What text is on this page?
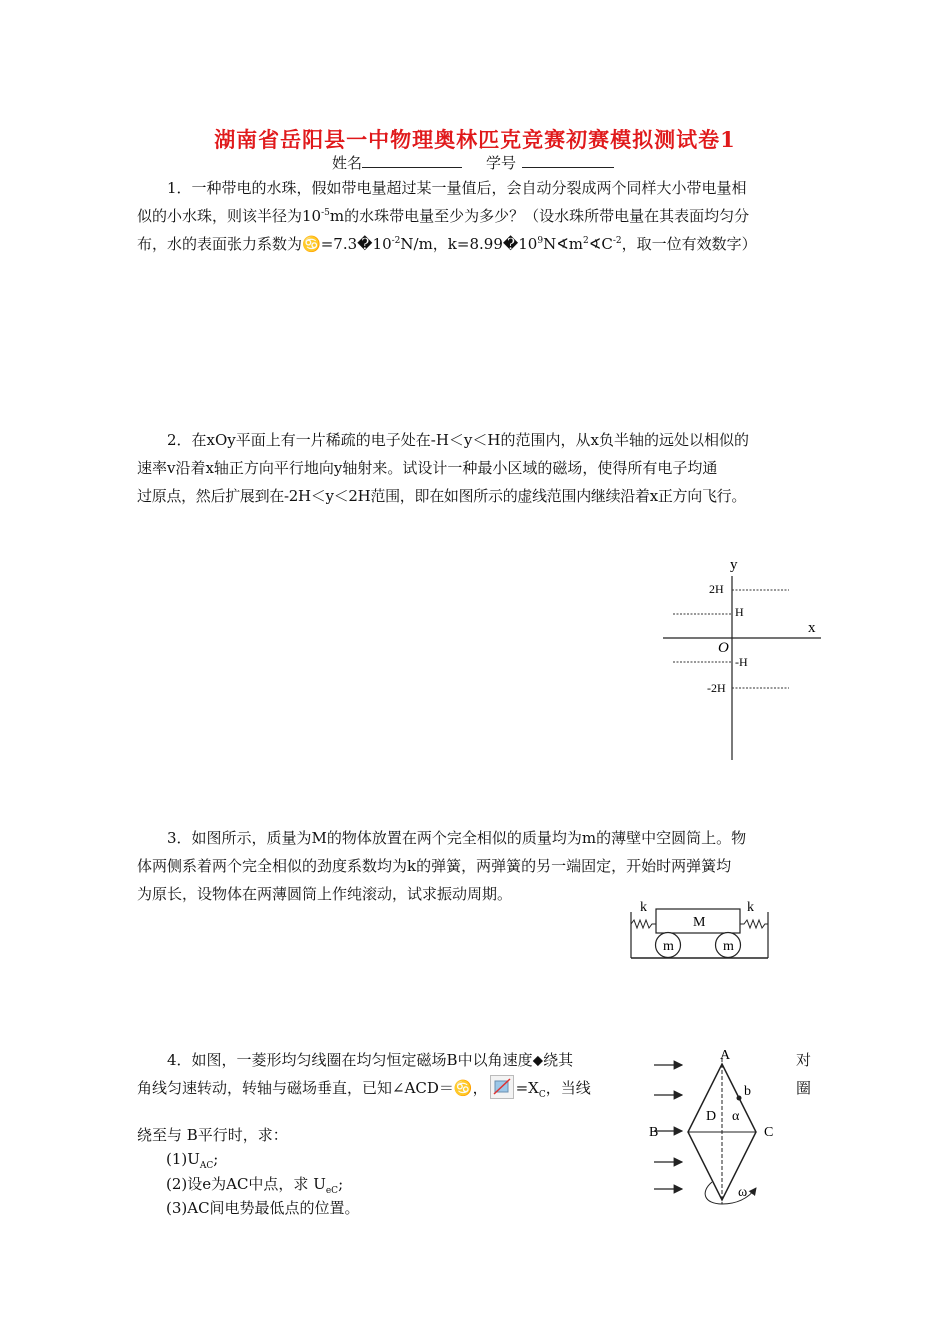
湖南省岳阳县一中物理奥林匹克竞赛初赛模拟测试卷1
姓名	学号
1．一种带电的水珠，假如带电量超过某一量值后，会自动分裂成两个同样大小带电量相
似的小水珠，则该半径为$10^{-5}m$的水珠带电量至少为多少？（设水珠所带电量在其表面均匀分
布，水的表面张力系数为$♋=7.3�10^{-2}N/m$，$k=8.99�10^9N∢m^2∢C^{-2}$，取一位有效数字）
2．在xOy平面上有一片稀疏的电子处在-H＜y＜H的范围内，从x负半轴的远处以相似的
速率v沿着x轴正方向平行地向y轴射来。试设计一种最小区域的磁场，使得所有电子均通
过原点，然后扩展到在-2H＜y＜2H范围，即在如图所示的虚线范围内继续沿着x正方向飞行。
y
x
O
2H
H
-H
-2H
3．如图所示，质量为M的物体放置在两个完全相似的质量均为m的薄壁中空圆筒上。物
体两侧系着两个完全相似的劲度系数均为k的弹簧，两弹簧的另一端固定，开始时两弹簧均
为原长，设物体在两薄圆筒上作纯滚动，试求振动周期。
M
m	m
k	k
4．如图，一菱形均匀线圈在均匀恒定磁场B中以角速度⬥绕其
角线匀速转动，转轴与磁场垂直，已知∠ACD＝♋， $=X_C$，当线
对
圈
绕至与 B平行时，求：
$(1)U_{AC}$;
(2)设e为AC中点，求 $U_{eC}$;
(3)AC间电势最低点的位置。
A
B	C
D
b
α
ω
